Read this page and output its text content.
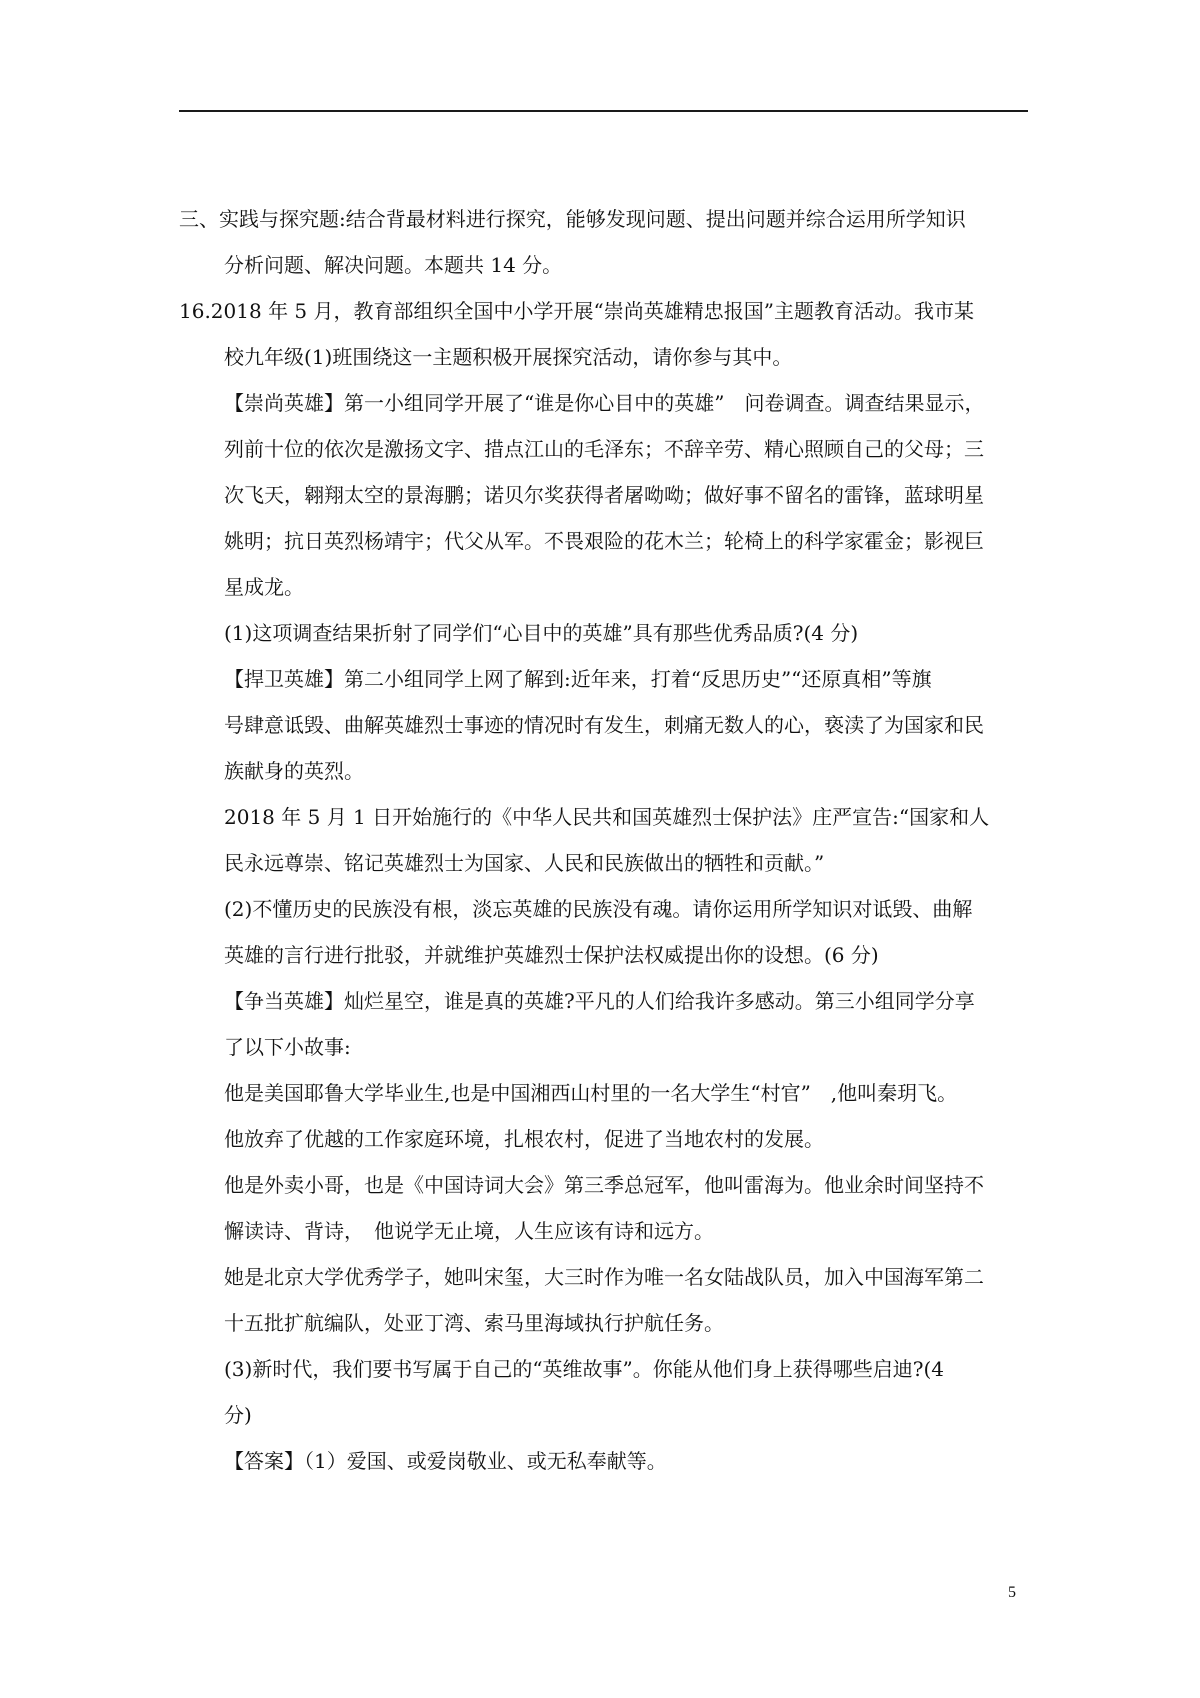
三、实践与探究题:结合背最材料进行探究，能够发现问题、提出问题并综合运用所学知识
分析问题、解决问题。本题共 14 分。
16.2018 年 5 月，教育部组织全国中小学开展“崇尚英雄精忠报国”主题教育活动。我市某
校九年级(1)班围绕这一主题积极开展探究活动，请你参与其中。
【崇尚英雄】第一小组同学开展了“谁是你心目中的英雄”　问卷调查。调查结果显示，
列前十位的依次是激扬文字、措点江山的毛泽东；不辞辛劳、精心照顾自己的父母；三
次飞天，翱翔太空的景海鹏；诺贝尔奖获得者屠呦呦；做好事不留名的雷锋，蓝球明星
姚明；抗日英烈杨靖宇；代父从军。不畏艰险的花木兰；轮椅上的科学家霍金；影视巨
星成龙。
(1)这项调查结果折射了同学们“心目中的英雄”具有那些优秀品质?(4 分)
【捍卫英雄】第二小组同学上网了解到:近年来，打着“反思历史”“还原真相”等旗
号肆意诋毁、曲解英雄烈士事迹的情况时有发生，刺痛无数人的心，亵渎了为国家和民
族献身的英烈。
2018 年 5 月 1 日开始施行的《中华人民共和国英雄烈士保护法》庄严宣告:“国家和人
民永远尊崇、铭记英雄烈士为国家、人民和民族做出的牺牲和贡献。”
(2)不懂历史的民族没有根，淡忘英雄的民族没有魂。请你运用所学知识对诋毁、曲解
英雄的言行进行批驳，并就维护英雄烈士保护法权威提出你的设想。(6 分)
【争当英雄】灿烂星空，谁是真的英雄?平凡的人们给我许多感动。第三小组同学分享
了以下小故事:
他是美国耶鲁大学毕业生,也是中国湘西山村里的一名大学生“村官”　,他叫秦玥飞。
他放弃了优越的工作家庭环境，扎根农村，促进了当地农村的发展。
他是外卖小哥，也是《中国诗词大会》第三季总冠军，他叫雷海为。他业余时间坚持不
懈读诗、背诗，　他说学无止境，人生应该有诗和远方。
她是北京大学优秀学子，她叫宋玺，大三时作为唯一名女陆战队员，加入中国海军第二
十五批扩航编队，处亚丁湾、索马里海域执行护航任务。
(3)新时代，我们要书写属于自己的“英维故事”。你能从他们身上获得哪些启迪?(4
分)
【答案】（1）爱国、或爱岗敬业、或无私奉献等。
5
